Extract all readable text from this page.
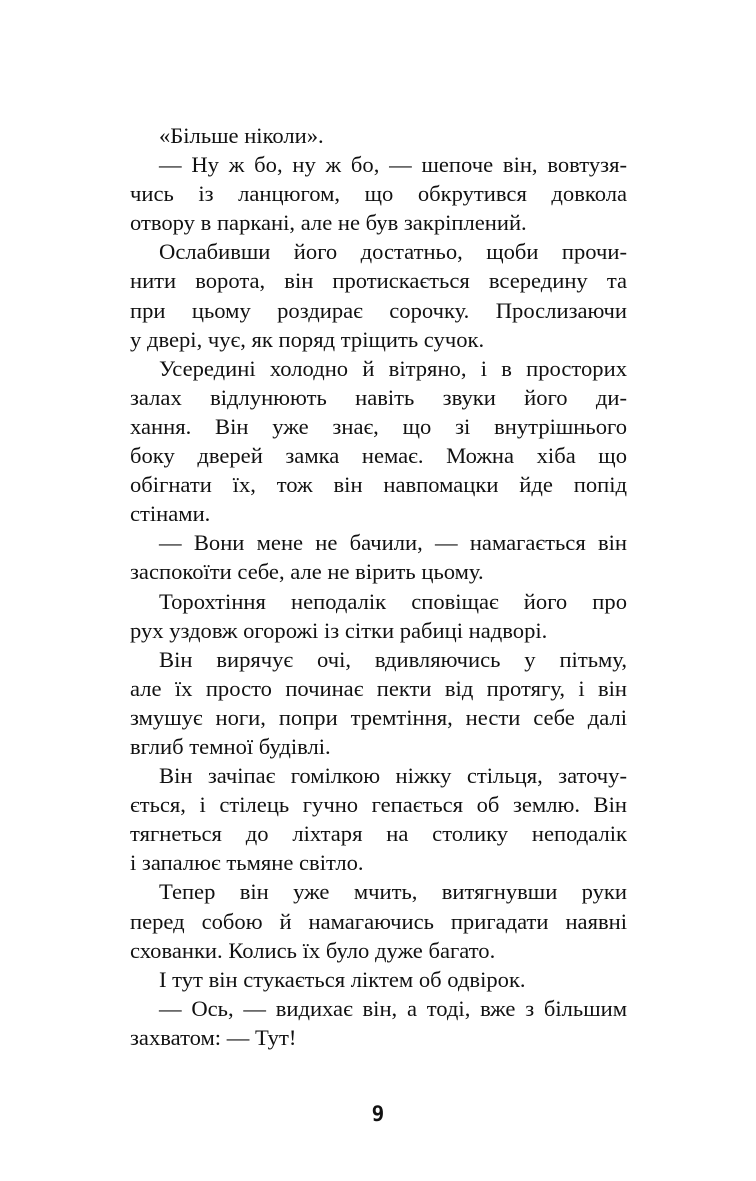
«Більше ніколи».
— Ну ж бо, ну ж бо, — шепоче він, вовтузя-
чись із ланцюгом, що обкрутився довкола
отвору в паркані, але не був закріплений.
Ослабивши його достатньо, щоби прочи-
нити ворота, він протискається всередину та
при цьому роздирає сорочку. Прослизаючи
у двері, чує, як поряд тріщить сучок.
Усередині холодно й вітряно, і в просторих
залах відлунюють навіть звуки його ди-
хання. Він уже знає, що зі внутрішнього
боку дверей замка немає. Можна хіба що
обігнати їх, тож він навпомацки йде попід
стінами.
— Вони мене не бачили, — намагається він
заспокоїти себе, але не вірить цьому.
Торохтіння неподалік сповіщає його про
рух уздовж огорожі із сітки рабиці надворі.
Він вирячує очі, вдивляючись у пітьму,
але їх просто починає пекти від протягу, і він
змушує ноги, попри тремтіння, нести себе далі
вглиб темної будівлі.
Він зачіпає гомілкою ніжку стільця, заточу-
ється, і стілець гучно гепається об землю. Він
тягнеться до ліхтаря на столику неподалік
і запалює тьмяне світло.
Тепер він уже мчить, витягнувши руки
перед собою й намагаючись пригадати наявні
схованки. Колись їх було дуже багато.
І тут він стукається ліктем об одвірок.
— Ось, — видихає він, а тоді, вже з більшим
захватом: — Тут!
9
